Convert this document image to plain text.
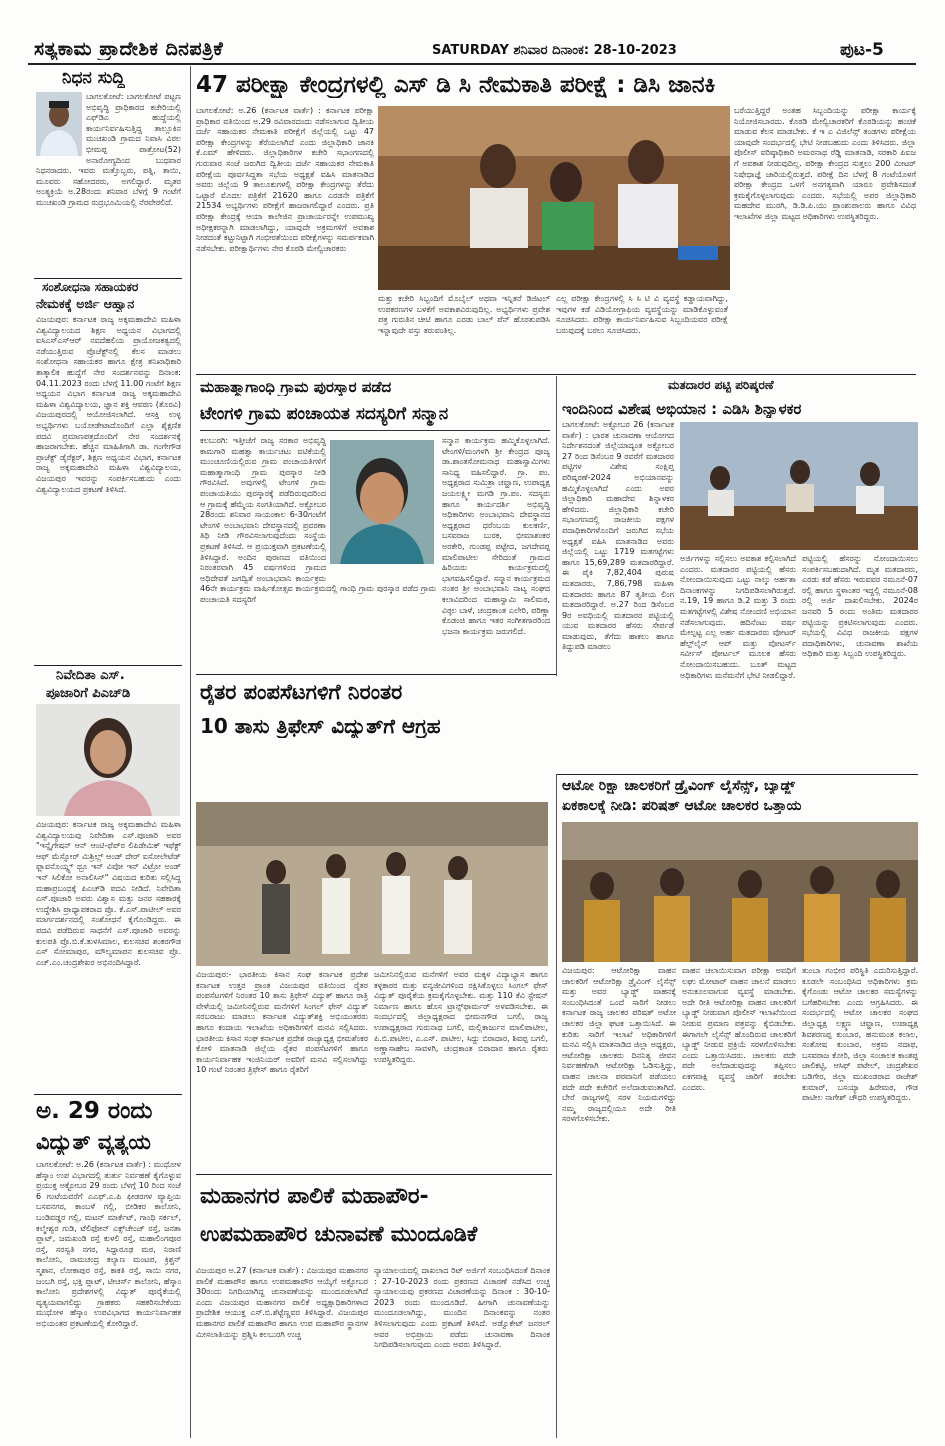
ಸತ್ಯಕಾಮ ಪ್ರಾದೇಶಿಕ ದಿನಪತ್ರಿಕೆ	SATURDAY ಶನಿವಾರ ದಿನಾಂಕ: 28-10-2023	ಪುಟ-5
ನಿಧನ ಸುದ್ದಿ
ಬಾಗಲಕೋಟೆ: ಬಾಗಲಕೋಟೆ ಪಟ್ಟಣ ಅಭಿವೃದ್ಧಿ ಪ್ರಾಧಿಕಾರದ ಕಚೇರಿಯಲ್ಲಿ ಎಫ್‌ಡಿಎ ಹುದ್ದೆಯಲ್ಲಿ ಕಾರ್ಯನಿರ್ವಹಿಸುತ್ತಿದ್ದ ತಾಲ್ಲೂಕಿನ ಮುಚಖಂಡಿ ಗ್ರಾಮದ ನಿವಾಸಿ ವಿಠಲ ಭೀಮಪ್ಪ ಪಾತ್ರೋಟ(52) ಅನಾರೋಗ್ಯದಿಂದ ಬುಧವಾರ ನಿಧನರಾದರು. ಇವರು ಮತ್ತೊಬ್ಬರು, ಪತ್ನಿ, ತಾಯಿ, ಮೂವರು ಸಹೋದರರು, ಅಗಲಿದ್ದಾರೆ. ಮೃತರ ಅಂತ್ಯಕ್ರಿಯೆ ಅ.28ರಂದು ಶನಿವಾರ ಬೆಳಗ್ಗೆ 9 ಗಂಟೆಗೆ ಮುಚಖಂಡಿ ಗ್ರಾಮದ ರುದ್ರಭೂಮಿಯಲ್ಲಿ ನೆರವೇರಲಿದೆ.
ಸಂಶೋಧನಾ ಸಹಾಯಕರ
ನೇಮಕಕ್ಕೆ ಅರ್ಜಿ ಆಹ್ವಾನ
ವಿಜಯಪುರ: ಕರ್ನಾಟಕ ರಾಜ್ಯ ಅಕ್ಕಮಹಾದೇವಿ ಮಹಿಳಾ ವಿಶ್ವವಿದ್ಯಾಲಯದ ಶಿಕ್ಷಣ ಅಧ್ಯಯನ ವಿಭಾಗದಲ್ಲಿ ಐಸಿಎಸ್‌ಎಸ್‌ಆರ್ ನವದೆಹಲಿಯ ಪ್ರಾಯೋಜಕತ್ವದಲ್ಲಿ ನಡೆಯುತ್ತಿರುವ ಪ್ರೊಜೆಕ್ಟ್‌ನಲ್ಲಿ ಕೆಲಸ ಮಾಡಲು ಸಂಶೋಧನಾ ಸಹಾಯಕರ ಹಾಗೂ ಕ್ಷೇತ್ರ ತನಿಖಾಧಿಕಾರಿ ತಾತ್ಕಾಲಿಕ ಹುದ್ದೆಗೆ ನೇರ ಸಂದರ್ಶನವನ್ನು ದಿನಾಂಕ: 04.11.2023 ರಂದು ಬೆಳಗ್ಗೆ 11.00 ಗಂಟೆಗೆ ಶಿಕ್ಷಣ ಅಧ್ಯಯನ ವಿಭಾಗ ಕರ್ನಾಟಕ ರಾಜ್ಯ ಅಕ್ಕಮಹಾದೇವಿ ಮಹಿಳಾ ವಿಶ್ವವಿದ್ಯಾಲಯ, ಜ್ಞಾನ ಶಕ್ತಿ ಆವರಣ (ತೊರವಿ) ವಿಜಯಪುರದಲ್ಲಿ ಆಯೋಜಿಸಲಾಗಿದೆ. ಆಸಕ್ತಿ ಉಳ್ಳ ಅಭ್ಯರ್ಥಿಗಳು ಬಯೋಡೇಟಾದೊಂದಿಗೆ ಎಲ್ಲಾ ಶೈಕ್ಷಣಿಕ ಪದವಿ ಪ್ರಮಾಣಪತ್ರದೊಂದಿಗೆ ನೇರ ಸಂದರ್ಶನಕ್ಕೆ ಹಾಜರಾಗಬೇಕು. ಹೆಚ್ಚಿನ ಮಾಹಿತಿಗಾಗಿ ಡಾ. ಗಂಗೇಗೌಡ ಪ್ರಾಜೆಕ್ಟ್ ಡೈರೆಕ್ಟರ್, ಶಿಕ್ಷಣ ಅಧ್ಯಯನ ವಿಭಾಗ, ಕರ್ನಾಟಕ ರಾಜ್ಯ ಅಕ್ಕಮಹಾದೇವಿ ಮಹಿಳಾ ವಿಶ್ವವಿದ್ಯಾಲಯ, ವಿಜಯಪುರ ಇವರನ್ನು ಸಂಪರ್ಕಿಸಬಹುದು ಎಂದು ವಿಶ್ವವಿದ್ಯಾಲಯದ ಪ್ರಕಟಣೆ ತಿಳಿಸಿದೆ.
ನಿವೇದಿತಾ ಎಸ್.
ಪೂಜಾರಿಗೆ ಪಿಎಚ್‌ಡಿ
ವಿಜಯಪುರ: ಕರ್ನಾಟಕ ರಾಜ್ಯ ಅಕ್ಕಮಹಾದೇವಿ ಮಹಿಳಾ ವಿಶ್ವವಿದ್ಯಾಲಯವು ನಿವೇದಿತಾ ಎಸ್.ಪೂಜಾರಿ ಅವರ "ಇನ್ಸೈಗೇಷನ್ ಆನ್ ಆಂಟಿ-ಫೆಪ್‌ರ ಲಿಪಿಡೇಮಿಕ್ ಇಫೆಕ್ಟ್ ಆಫ್ ಮೆಸ್ಸೋರ್ ಮಿಶ್ರಿಲ್ಲ್ ಆಂಡ್ ದೇರ್ ಐಸೋಲೇಟೆಡ್ ಫ್ಲಾವನೊಯ್ಡ್ಸ್ ಥ್ರೂ ಇನ್ ವಿವೋ ಇನ್ ವಿಟ್ರೋ ಅಂಡ್ ಇನ್ ಸಿಲಿಕೋ ಅನಾಲಿಸಿಸ್" ವಿಷಯದ ಕುರಿತು ಸಲ್ಲಿಸಿದ್ದ ಮಹಾಪ್ರಬಂಧಕ್ಕೆ ಪಿಎಚ್‌ಡಿ ಪದವಿ ನೀಡಿದೆ. ನಿವೇದಿತಾ ಎಸ್.ಪೂಜಾರಿ ಅವರು ವಿಶ್ವಾಸ ಮತ್ತು ಜನರ ಸಹಕಾರಕ್ಕೆ ಉದ್ದೇಶಿಸಿ ಪ್ರಾಧ್ಯಾಪಕರಾದ ಪ್ರೊ. ಕೆ.ಎಸ್.ಪಾಟೀಲ್ ಅವರ ಮಾರ್ಗದರ್ಶನದಲ್ಲಿ ಸಂಶೋಧನೆ ಕೈಗೊಂಡಿದ್ದರು. ಈ ಪದವಿ ಪಡೆದಿರುವ ಸಾಧನೆಗೆ ಎಸ್.ಪೂಜಾರಿ ಅವರನ್ನು ಕುಲಪತಿ ಪ್ರೊ.ಬಿ.ಕೆ.ತುಳಸಿಮಾಲ, ಕುಲಸಚಿವ ಶಂಕರಗೌಡ ಎಸ್ ಸೋಮಾಪುರ, ಮೌಲ್ಯಮಾಪನ ಕುಲಸಚಿವ ಪ್ರೊ. ಎಚ್.ಎಂ.ಚಂದ್ರಶೇಖರ ಅಭಿನಂದಿಸಿದ್ದಾರೆ.
ಅ. 29 ರಂದು
ವಿದ್ಯುತ್ ವ್ಯತ್ಯಯ
ಬಾಗಲಕೋಟೆ: ಅ.26 (ಕರ್ನಾಟಕ ವಾರ್ತೆ) : ಮುಧೋಳ ಹೆಸ್ಕಾಂ ಉಪ ವಿಭಾಗದಲ್ಲಿ ತುರ್ತು ನಿರ್ವಹಣೆ ಕೈಗೊಳ್ಳುವ ಪ್ರಯುಕ್ತ ಅಕ್ಟೋಬರ 29 ರಂದು ಬೆಳಗ್ಗೆ 10 ರಿಂದ ಸಂಜೆ 6 ಗಂಟೆಯವರೆಗೆ ಎಎಫ್.ಎ.ಪಿ ಫೀಡರಗಳ ವ್ಯಾಪ್ತಿಯ ಬಸವನಗರ, ಕಾಂಬಳೆ ಗಲ್ಲಿ, ಬೀಡಿಕರ ಕಾಲೋನಿ, ಬಂಡಿವಡ್ಡರ ಗಲ್ಲಿ, ಮಟನ್ ಮಾರ್ಕೆಟ್, ಗಾಂಧಿ ಸರ್ಕಲ್, ಕಲ್ಮೇಶ್ವರ ಗುಡಿ, ಟೆಲಿಫೋನ್ ಎಕ್ಸ್‌ಚೇಂಜ್ ರಸ್ತೆ, ಜನತಾ ಪ್ಲಾಟ್, ಜಮಖಂಡಿ ರಸ್ತೆ ಕುಳಲಿ ರಸ್ತೆ, ಮಹಾಲಿಂಗಪೂರ ರಸ್ತೆ, ಸರಸ್ವತಿ ನಗರ, ಸಿದ್ದಾರೂಢ ಮಠ, ನಿರಾಣಿ ಕಾಲೋನಿ, ರಾಮಚಂದ್ರ ಕಲ್ಯಾಣ ಮಂಟಪ, ಕ್ರಿಶ್ಚನ್ ಸ್ಮಶಾನ, ಲೋಕಾಪುರ ರಸ್ತೆ, ಕಾಕತಿ ರಸ್ತೆ, ಸಾಯಿ ನಗರ, ಜಂಬಗಿ ರಸ್ತೆ, ಭಕ್ತಿ ಪ್ಲಾಟ್, ಟೀಚರ್ಸ್ ಕಾಲೋನಿ, ಹೆಸ್ಕಾಂ ಕಾಲೋನಿ ಪ್ರದೇಶಗಳಲ್ಲಿ ವಿದ್ಯುತ್ ಪೂರೈಕೆಯಲ್ಲಿ ವ್ಯತ್ಯಯವಾಗಲಿದ್ದು ಗ್ರಾಹಕರು ಸಹಕರಿಸಬೇಕೆಂದು ಮುಧೋಳ ಹೆಸ್ಕಾಂ ಉಪವಿಭಾಗದ ಕಾರ್ಯನಿರ್ವಾಹಕ ಅಭಿಯಂತರ ಪ್ರಕಟಣೆಯಲ್ಲಿ ಕೋರಿದ್ದಾರೆ.
47 ಪರೀಕ್ಷಾ ಕೇಂದ್ರಗಳಲ್ಲಿ ಎಸ್ ಡಿ ಸಿ ನೇಮಕಾತಿ ಪರೀಕ್ಷೆ : ಡಿಸಿ ಜಾನಕಿ
ಬಾಗಲಕೋಟೆ: ಅ.26 (ಕರ್ನಾಟಕ ವಾರ್ತೆ) : ಕರ್ನಾಟಕ ಪರೀಕ್ಷಾ ಪ್ರಾಧಿಕಾರ ವತಿಯಿಂದ ಅ.29 ರವಿವಾರದಂದು ನಡೆಸಲಾಗುವ ದ್ವಿತೀಯ ದರ್ಜೆ ಸಹಾಯಕರ ನೇಮಕಾತಿ ಪರೀಕ್ಷೆಗೆ ಜಿಲ್ಲೆಯಲ್ಲಿ ಒಟ್ಟು 47 ಪರೀಕ್ಷಾ ಕೇಂದ್ರಗಳನ್ನು ತೆರೆಯಲಾಗಿದೆ ಎಂದು ಜಿಲ್ಲಾಧಿಕಾರಿ ಜಾನಕಿ ಕೆ.ಎಮ್ ಹೇಳಿದರು. ಜಿಲ್ಲಾಧಿಕಾರಿಗಳ ಕಚೇರಿ ಸಭಾಂಗಣದಲ್ಲಿ ಗುರುವಾರ ಸಂಜೆ ಜರುಗಿದ ದ್ವಿತೀಯ ದರ್ಜೆ ಸಹಾಯಕರ ನೇಮಕಾತಿ ಪರೀಕ್ಷೆಯ ಪೂರ್ವಸಿದ್ದತಾ ಸಭೆಯ ಅಧ್ಯಕ್ಷತೆ ವಹಿಸಿ ಮಾತನಾಡಿದ ಅವರು ಜಿಲ್ಲೆಯ 9 ತಾಲೂಕುಗಳಲ್ಲಿ ಪರೀಕ್ಷಾ ಕೇಂದ್ರಗಳನ್ನು ತೆರೆದು ಒಟ್ಟಾರೆ ಮೊದಲ ಪತ್ರಿಕೆಗೆ 21620 ಹಾಗೂ ಎರಡನೇ ಪತ್ರಿಕೆಗೆ 21534 ಅಭ್ಯರ್ಥಿಗಳು ಪರೀಕ್ಷೆಗೆ ಹಾಜರಾಗಲಿದ್ದಾರೆ ಎಂದರು. ಪ್ರತಿ ಪರೀಕ್ಷಾ ಕೇಂದ್ರಕ್ಕೆ ಆಯಾ ಕಾಲೇಜಿನ ಪ್ರಾಚಾರ್ಯರನ್ನೇ ಉಪಮುಖ್ಯ ಅಧೀಕ್ಷಕರನ್ನಾಗಿ ಮಾಡಲಾಗಿದ್ದು, ಯಾವುದೇ ಅಕ್ರಮಗಳಿಗೆ ಅವಕಾಶ ನೀಡದಂತೆ ಕಟ್ಟುನಿಟ್ಟಾಗಿ ಗಂಭೀರತೆಯಿಂದ ಪರೀಕ್ಷೆಗಳನ್ನು ಸಮರ್ಪಕವಾಗಿ ನಡೆಸಬೇಕು. ಪರೀಕ್ಷಾರ್ಥಿಗಳು ನೇರ ಕೊಠಡಿ ಮೇಲ್ವಿಚಾರಕರು
ಮತ್ತು ಕಚೇರಿ ಸಿಬ್ಬಂದಿಗೆ ಮೊಬೈಲ್ ಅಥವಾ ಇನ್ನಿತರೆ ಡಿಜಿಟಲ್ ಉಪಕರಣಗಳ ಬಳಕೆಗೆ ಅವಕಾಶವಿರುವುದಿಲ್ಲ. ಅಭ್ಯರ್ಥಿಗಳು ಪ್ರವೇಶ ಪತ್ರ ಗುರುತಿನ ಚೀಟಿ ಹಾಗೂ ಎರಡು ಬಾಲ್ ಪೆನ್ ಹೊರತುಪಡಿಸಿ ಇನ್ನಾವುದೇ ವಸ್ತು ತರುವಂತಿಲ್ಲ.
ಎಲ್ಲ ಪರೀಕ್ಷಾ ಕೇಂದ್ರಗಳಲ್ಲಿ ಸಿ ಸಿ ಟಿ ವಿ ವ್ಯವಸ್ಥೆ ಕಡ್ಡಾಯವಾಗಿದ್ದು, ಇವುಗಳ ಕಡೆ ವಿಡಿಯೋಗ್ರಾಫಿಯ ವ್ಯವಸ್ಥೆಯನ್ನು ಮಾಡಿಕೊಳ್ಳುವಂತೆ ಸೂಚಿಸಿದರು. ಪರೀಕ್ಷಾ ಕಾರ್ಯನಿರ್ವಹಿಸುವ ಸಿಬ್ಬಂದಿಯವರ ಪರೀಕ್ಷೆ ಬರುವುದಕ್ಕೆ ಬರಲು ಸೂಚಿಸಿದರು.
ಬರೆಯುತ್ತಿದ್ದರೆ ಅಂತಹ ಸಿಬ್ಬಂದಿಯನ್ನು ಪರೀಕ್ಷಾ ಕಾರ್ಯಕ್ಕೆ ನಿಯೋಜಿಸಬಾರದು. ಕೊಠಡಿ ಮೇಲ್ವಿಚಾರಕರಿಗೆ ಕೊಠಡಿಯನ್ನು ಹಂಚಿಕೆ ಮಾಡುವ ಕೆಲಸ ಮಾಡಬೇಕು. ಕೆ ಇ ಎ ವಿಜಿಲೆನ್ಸ್ ತಂಡಗಳು ಪರೀಕ್ಷೆಯ ಯಾವುದೇ ಸಂದರ್ಭದಲ್ಲಿ ಭೇಟಿ ನೀಡಬಹುದು ಎಂದು ತಿಳಿಸಿದರು. ಜಿಲ್ಲಾ ಪೊಲೀಸ್ ವರಿಷ್ಠಾಧಿಕಾರಿ ಅಮರನಾಥ ರೆಡ್ಡಿ ಮಾತನಾಡಿ, ಸರಕಾರಿ ಪಿಐಜ ಗೆ ಅವಕಾಶ ನೀಡುವುದಿಲ್ಲ. ಪರೀಕ್ಷಾ ಕೇಂದ್ರದ ಸುತ್ತಲು 200 ಮೀಟರ್ ನಿಷೇಧಾಜ್ಞೆ ಜಾರಿಯಲ್ಲಿರುತ್ತದೆ. ಪರೀಕ್ಷೆ ದಿನ ಬೆಳಗ್ಗೆ 8 ಗಂಟೆಯೊಳಗೆ ಪರೀಕ್ಷಾ ಕೇಂದ್ರದ ಒಳಗೆ ಅನಗತ್ಯವಾಗಿ ಯಾರೂ ಪ್ರವೇಶಿಸದಂತೆ ಕ್ರಮಕೈಗೊಳ್ಳಲಾಗುವುದು ಎಂದರು. ಸಭೆಯಲ್ಲಿ ಅಪರ ಜಿಲ್ಲಾಧಿಕಾರಿ ಮಹದೇವ ಮುರಗಿ, ಡಿ.ಡಿ.ಪಿ.ಯು ಪ್ರಾಂಶುಪಾಲರು ಹಾಗೂ ವಿವಿಧ ಇಲಾಖೆಗಳ ಜಿಲ್ಲಾ ಮಟ್ಟದ ಅಧಿಕಾರಿಗಳು ಉಪಸ್ಥಿತರಿದ್ದರು.
ಮಹಾತ್ಮಾಗಾಂಧಿ ಗ್ರಾಮ ಪುರಸ್ಕಾರ ಪಡೆದ
ಟೇಂಗಳಿ ಗ್ರಾಮ ಪಂಚಾಯತ ಸದಸ್ಯರಿಗೆ ಸನ್ಮಾನ
ಕಲಬುರಗಿ: ಇತ್ತೀಚೆಗೆ ರಾಜ್ಯ ಸರಕಾರ ಅಭಿವೃದ್ಧಿ ಕಾಮಗಾರಿ ಮಹತ್ವಾ ಕಾರ್ಯಚಟು ವಟಿಕೆಯಲ್ಲಿ ಮುಂಚೂಣಿಯಲ್ಲಿರುವ ಗ್ರಾಮ ಪಂಚಾಯತಿಗಳಿಗೆ ಮಹಾತ್ಮಾಗಾಂಧಿ ಗ್ರಾಮ ಪುರಸ್ಕಾರ ನೀಡಿ ಗೌರವಿಸಿದೆ. ಅವುಗಳಲ್ಲಿ ಟೇಂಗಳಿ ಗ್ರಾಮ ಪಂಚಾಯತಿಯು ಪುರಸ್ಕಾರಕ್ಕೆ ಪಡೆದಿರುವುದರಿಂದ ಆ ಗ್ರಾಮಕ್ಕೆ ಹೆಮ್ಮೆಯ ಸಂಗತಿಯಾಗಿದೆ. ಅಕ್ಟೋಬರ 28ರಂದು ಶನಿವಾರ ಸಾಯಂಕಾಲ 6-30ಗಂಟೆಗೆ ಟೇಂಗಳಿ ಅಂಬಾಭವಾನಿ ದೇವಸ್ಥಾನದಲ್ಲಿ ಪ್ರವರಣಾ ತಿಥಿ ನೀಡಿ ಗೌರವಿಸಲಾಗುವುದೆಂದು ಸಂಸ್ಥೆಯ ಪ್ರಕಟಣೆ ತಿಳಿಸಿದೆ. ಆ ಪ್ರಯುಕ್ತವಾಗಿ ಪ್ರಕಟಣೆಯಲ್ಲಿ ತಿಳಿಸಿದ್ದಾರೆ. ಅಂದಿನ ಪುರಾಣದ ವತಿಯಿಂದ ನಿರಂತರವಾಗಿ 45 ವರ್ಷಗಳಿಂದ ಗ್ರಾಮದ ಅಧಿದೇವತೆ ಜಗದ್ವಿತೆ ಅಂಬಾಭವಾನಿ ಕಾರ್ಯಕ್ರಮ 46ನೇ ಕಾರ್ಯಕ್ರಮ ವಾರ್ಷಿಕೋತ್ಸವ ಕಾರ್ಯಕ್ರಮದಲ್ಲಿ ಗಾಂಧಿ ಗ್ರಾಮ ಪುರಸ್ಕಾರ ಪಡೆದ ಗ್ರಾಮ ಪಂಚಾಯತಿ ಸದಸ್ಯರಿಗೆ
ಸನ್ಮಾನ ಕಾರ್ಯಕ್ರಮ ಹಮ್ಮಿಕೊಳ್ಳಲಾಗಿದೆ. ಟೇಂಗಳಿ/ಮಂಗಳಗಿ ಶ್ರೀ ಕೇಂದ್ರದ ಪೂಜ್ಯ ಡಾ.ಶಾಂತಸೋಮನಾಥ ಮಹಾಸ್ವಾಮಿಗಳು ಸಾನಿಧ್ಯ ವಹಿಸಲಿದ್ದಾರೆ. ಗ್ರಾ. ಪಂ. ಅಧ್ಯಕ್ಷರಾದ ಸುಮಿತ್ರಾ ಚವ್ಹಾಣ, ಉಪಾಧ್ಯಕ್ಷ ಜಯಲಕ್ಷ್ಮೀ ಮಗಡಿ ಗ್ರಾ.ಪಂ. ಸದಸ್ಯರು ಹಾಗೂ ಕಾರ್ಯದರ್ಶಿ ಅಭಿವೃದ್ಧಿ ಅಧಿಕಾರಿಗಳು ಅಂಬಾಭವಾನಿ ದೇವಸ್ಥಾನದ ಅಧ್ಯಕ್ಷರಾದ ಧರೆಂಬಯ ಕುಲಕರ್ಣಿ, ಬಸವರಾಜ ಬುರಕ, ಭೀಮಾಶಂಕರ ಅರಕೇರಿ, ಗುಂಡಪ್ಪ ಪಟ್ಟೇದ, ಜಗದೇವಪ್ಪ ಮಾಲಿಪಾಟೀಲ ಸೇರಿದಂತೆ ಗ್ರಾಮದ ಹಿರಿಯರು ಕಾರ್ಯಕ್ರಮದಲ್ಲಿ ಭಾಗವಹಿಸಲಿದ್ದಾರೆ. ಸನ್ಮಾನ ಕಾರ್ಯಕ್ರಮದ ನಂತರ ಶ್ರೀ ಅಂಬಾಭವಾನಿ ನಾಟ್ಯ ಸಂಘದ ಕಲಾವಿದರಿಂದ ಮಹಾಸ್ವಾಮಿ ಸಾಲಿಮಠ, ವಿಠ್ಠಲ ಬಾಳೆ, ಚಂದ್ರಕಾಂತ ಎಲೇರಿ, ಪರಿಣ್ಣಾ ಕೊಡಂಚಿ ಹಾಗೂ ಇತರ ಸಂಗೀತಗಾರರಿಂದ ಭಜನಾ ಕಾರ್ಯಕ್ರಮ ಜರುಗಲಿದೆ.
ಮತದಾರರ ಪಟ್ಟಿ ಪರಿಷ್ಕರಣೆ
ಇಂದಿನಿಂದ ವಿಶೇಷ ಅಭಿಯಾನ : ಎಡಿಸಿ ಶಿನ್ನಾಳಕರ
ಬಾಗಲಕೋಟೆ: ಅಕ್ಟೋಬರ 26 (ಕರ್ನಾಟಕ ವಾರ್ತೆ) : ಭಾರತ ಚುನಾವಣಾ ಆಯೋಗದ ನಿರ್ದೇಶನದಂತೆ ಜಿಲ್ಲೆಯಾದ್ಯಂತ ಅಕ್ಟೋಬರ 27 ರಿಂದ ಡಿಸೆಂಬರ 9 ರವರೆಗೆ ಮತದಾರರ ಪಟ್ಟಿಗಳ ವಿಶೇಷ ಸಂಕ್ಷಿಪ್ತ ಪರಿಷ್ಕರಣೆ-2024 ಅಭಿಯಾನವನ್ನು ಹಮ್ಮಿಕೊಳ್ಳಲಾಗಿದೆ ಎಂದು ಅಪರ ಜಿಲ್ಲಾಧಿಕಾರಿ ಮಹಾದೇವ ಶಿನ್ನಾಳಕರ ಹೇಳಿದರು. ಜಿಲ್ಲಾಧಿಕಾರಿ ಕಚೇರಿ ಸಭಾಂಗಣದಲ್ಲಿ ರಾಜಕೀಯ ಪಕ್ಷಗಳ ಪದಾಧಿಕಾರಿಗಳೊಂದಿಗೆ ಜರುಗಿದ ಸಭೆಯ ಅಧ್ಯಕ್ಷತೆ ವಹಿಸಿ ಮಾತನಾಡಿದ ಅವರು ಜಿಲ್ಲೆಯಲ್ಲಿ ಒಟ್ಟು 1719 ಮತಗಟ್ಟೆಗಳು ಹಾಗೂ 15,69,289 ಮತದಾರರಿದ್ದಾರೆ. ಈ ಪೈಕಿ 7,82,404 ಪುರುಷ ಮತದಾರರು, 7,86,798 ಮಹಿಳಾ ಮತದಾರರು ಹಾಗೂ 87 ತೃತೀಯ ಲಿಂಗ ಮತದಾರರಿದ್ದಾರೆ. ಅ.27 ರಿಂದ ಡಿಸೆಂಬರ 9ರ ಅವಧಿಯಲ್ಲಿ ಮತದಾರರ ಪಟ್ಟಿಯಲ್ಲಿ ಯುವ ಮತದಾರರ ಹೆಸರು ಸೇರ್ಪಡೆ ಮಾಡುವುದು, ತೆಗೆದು ಹಾಕಲು ಹಾಗೂ ತಿದ್ದುಪಡಿ ಮಾಡಲು
ಅರ್ಜಿಗಳನ್ನು ಸಲ್ಲಿಸಲು ಅವಕಾಶ ಕಲ್ಪಿಸಲಾಗಿದೆ ಎಂದರು. ಮತದಾರರ ಪಟ್ಟಿಯಲ್ಲಿ ಹೆಸರು ನೋಂದಾಯಿಸುವುದು ಒಟ್ಟು ನಾಲ್ಕು ಅರ್ಹತಾ ದಿನಾಂಕಗಳನ್ನು ನಿಗದಿಪಡಿಸಲಾಗಿರುತ್ತದೆ. ನ.19, 19 ಹಾಗೂ ಡಿ.2 ಮತ್ತು 3 ರಂದು ಮತಗಟ್ಟೆಗಳಲ್ಲಿ ವಿಶೇಷ ನೋಂದಣಿ ಅಭಿಯಾನ ನಡೆಸಲಾಗುವುದು. ಹದಿನೆಂಟು ವರ್ಷ ಮೇಲ್ಪಟ್ಟ ಎಲ್ಲ ಅರ್ಹ ಮತದಾರರು ವೋಟರ್ ಹೆಲ್ಪ್‌ಲೈನ್ ಆಪ್ ಮತ್ತು ವೋಟರ್ಸ್ ಸರ್ವೀಸ್ ಪೋರ್ಟಲ್ ಮೂಲಕ ಹೆಸರು ನೋಂದಾಯಿಸಬಹುದು. ಬೂತ್ ಮಟ್ಟದ ಅಧಿಕಾರಿಗಳು ಮನೆಮನೆಗೆ ಭೇಟಿ ನೀಡಲಿದ್ದಾರೆ.
ಪಟ್ಟಿಯಲ್ಲಿ ಹೆಸರನ್ನು ನೋಂದಾಯಿಸಲು ಸಂಪರ್ಕಿಸಬಹುದಾಗಿದೆ. ಮೃತ ಮತದಾರರು, ಎರಡು ಕಡೆ ಹೆಸರು ಇರುವವರ ನಮೂನೆ-07 ರಲ್ಲಿ ಹಾಗೂ ಸ್ಥಳಾಂತರ ಇದ್ದಲ್ಲಿ ನಮೂನೆ-08 ರಲ್ಲಿ ಅರ್ಜಿ ದಾಖಲಿಸಬೇಕು. 2024ರ ಜನವರಿ 5 ರಂದು ಅಂತಿಮ ಮತದಾರರ ಪಟ್ಟಿಯನ್ನು ಪ್ರಕಟಿಸಲಾಗುವುದು ಎಂದರು. ಸಭೆಯಲ್ಲಿ ವಿವಿಧ ರಾಜಕೀಯ ಪಕ್ಷಗಳ ಪದಾಧಿಕಾರಿಗಳು, ಚುನಾವಣಾ ಶಾಖೆಯ ಅಧಿಕಾರಿ ಮತ್ತು ಸಿಬ್ಬಂದಿ ಉಪಸ್ಥಿತರಿದ್ದರು.
ರೈತರ ಪಂಪಸೆಟಗಳಿಗೆ ನಿರಂತರ
10 ತಾಸು ತ್ರಿಫೇಸ್ ವಿದ್ಯುತ್‌ಗೆ ಆಗ್ರಹ
ವಿಜಯಪುರ:- ಭಾರತೀಯ ಕಿಸಾನ ಸಂಘ ಕರ್ನಾಟಕ ಪ್ರದೇಶ ಕರ್ನಾಟಕ ಉತ್ತರ ಪ್ರಾಂತ ವಿಜಯಪುರ ವತಿಯಿಂದ ರೈತರ ಪಂಪಸೆಟಗಳಿಗೆ ನಿರಂತರ 10 ತಾಸು ತ್ರಿಫೇಸ್ ವಿದ್ಯುತ್ ಹಾಗೂ ರಾತ್ರಿ ವೇಳೆಯಲ್ಲಿ ಜಮೀನಿನಲ್ಲಿರುವ ಮನೆಗಳಿಗೆ ಸಿಂಗಲ್ ಫೇಸ್ ವಿದ್ಯುತ್ ಸರಬರಾಜು ಮಾಡಲು ಕರ್ನಾಟಕ ವಿದ್ಯುತ್‌ಶಕ್ತಿ ಅಭಿಯಂತರರು ಹಾಗೂ ಕಂದಾಯ ಇಲಾಖೆಯ ಅಧಿಕಾರಿಗಳಿಗೆ ಮನವಿ ಸಲ್ಲಿಸಿದರು. ಭಾರತೀಯ ಕಿಸಾನ ಸಂಘ ಕರ್ನಾಟಕ ಪ್ರದೇಶ ರಾಜ್ಯಾಧ್ಯಕ್ಷ ಭೀಮಶೆಂಕರ ಕೋಳಿ ಮಾತನಾಡಿ ಜಿಲ್ಲೆಯ ರೈತರ ಪಂಪಸೆಟಗಳಿಗೆ ಹಾಗೂ ಕಾರ್ಯನಿರ್ವಾಹಕ ಇಂಜಿನಿಯರ್ ಅವರಿಗೆ ಮನವಿ ಸಲ್ಲಿಸಲಾಗಿದ್ದು 10 ಗಂಟೆ ನಿರಂತರ ತ್ರಿಫೇಸ್ ಹಾಗೂ ರೈತರಿಗೆ
ಜಮೀನಿನಲ್ಲಿರುವ ಮನೆಗಳಿಗೆ ಅವರ ಮಕ್ಕಳ ವಿದ್ಯಾಭ್ಯಾಸ ಹಾಗೂ ಕಳ್ಳಕಾರರ ಮತ್ತು ವನ್ಯಜೀವಿಗಳಿಂದ ರಕ್ಷಿಸಿಕೊಳ್ಳಲು ಸಿಂಗಲ್ ಫೇಸ್ ವಿದ್ಯುತ್ ಪೂರೈಕೆಯ ಕ್ರಮಕೈಗೊಳ್ಳಬೇಕು. ಮತ್ತು 110 ಕೆವಿ ಸ್ಟೇಷನ್ ನಿರ್ಮಾಣ ಹಾಗೂ ಹೊಸ ಟ್ರಾನ್ಸ್‌ಫಾರ್ಮರ್ ಅಳವಡಿಸಬೇಕು. ಈ ಸಂದರ್ಭದಲ್ಲಿ ಜಿಲ್ಲಾಧ್ಯಕ್ಷರಾದ ಭೀಮನಗೌಡ ಬಗಲಿ, ರಾಜ್ಯ ಉಪಾಧ್ಯಕ್ಷರಾದ ಗುರುನಾಥ ಬಗಲಿ, ಮಲ್ಲಿಕಾರ್ಜುನ ಮಾಲಿಪಾಟೀಲ, ಪಿ.ಬಿ.ಪಾಟೀಲ, ಎ.ಎಸ್. ಪಾಟೀಲ, ಸಿದ್ದು ಬಿರಾದಾರ, ಶಿವಪ್ಪ ಬಗಲಿ, ಅಣ್ಣಾಸಾಹೇಬ ಸಾವಳಗಿ, ಚಂದ್ರಕಾಂತ ಬಿರಾದಾರ ಹಾಗೂ ರೈತರು ಉಪಸ್ಥಿತರಿದ್ದರು.
ಆಟೋ ರಿಕ್ಷಾ ಚಾಲಕರಿಗೆ ಡ್ರೈವಿಂಗ್ ಲೈಸೆನ್ಸ್, ಬ್ಯಾಡ್ಜ್
ಏಕಕಾಲಕ್ಕೆ ನೀಡಿ: ಪರಿಷತ್ ಆಟೋ ಚಾಲಕರ ಒತ್ತಾಯ
ವಿಜಯಪುರ: ಆಟೋರಿಕ್ಷಾ ವಾಹನ ಚಾಲಕರಿಗೆ ಆಟೋರಿಕ್ಷಾ ಡ್ರೈವಿಂಗ್ ಲೈಸೆನ್ಸ್ ಮತ್ತು ಅವರ ಬ್ಯಾಡ್ಜ್ ವಾಹನಕ್ಕೆ ಸಂಬಂಧಿಸಿದಂತೆ ಒಂದೆ ಸಾರಿಗೆ ನೀಡಲು ಕರ್ನಾಟಕ ರಾಜ್ಯ ಚಾಲಕರ ಪರಿಷತ್ ಅಟೋ ಚಾಲಕರ ಜಿಲ್ಲಾ ಘಟಕ ಒತ್ತಾಯಿಸಿದೆ. ಈ ಕುರಿತು ಸಾರಿಗೆ ಇಲಾಖೆ ಅಧಿಕಾರಿಗಳಿಗೆ ಮನವಿ ಸಲ್ಲಿಸಿ ಮಾತನಾಡಿದ ಜಿಲ್ಲಾ ಅಧ್ಯಕ್ಷರು, ಆಟೋರಿಕ್ಷಾ ಚಾಲಕರು ದಿನನಿತ್ಯ ಜೀವನ ನಿರ್ವಹಣೆಗಾಗಿ ಆಟೋರಿಕ್ಷಾ ಓಡಿಸುತ್ತಿದ್ದು, ವಾಹನ ಚಾಲನಾ ಪರವಾನಿಗೆ ಪಡೆಯಲು ಪದೇ ಪದೇ ಕಚೇರಿಗೆ ಅಲೆದಾಡುವಂತಾಗಿದೆ. ಬೇರೆ ರಾಜ್ಯಗಳಲ್ಲಿ ಸರಳ ನಿಯಮಗಳಿದ್ದು ನಮ್ಮ ರಾಜ್ಯದಲ್ಲಿಯೂ ಅದೇ ರೀತಿ ಸರಳಗೊಳಿಸಬೇಕು.
ವಾಹನ ಚಲಾಯಿಸುವಾಗ ಪರೀಕ್ಷಾ ಅವಧಿಗೆ ಲಘು ಮೋಟಾರ್ ವಾಹನ ಚಾಲನೆ ಮಾಡಲು ಅನುಕೂಲವಾಗುವ ವ್ಯವಸ್ಥೆ ಮಾಡಬೇಕು. ಅದೇ ರೀತಿ ಆಟೋರಿಕ್ಷಾ ವಾಹನ ಚಾಲಕರಿಗೆ ಬ್ಯಾಡ್ಜ್ ನೀಡುವಾಗ ಪೊಲೀಸ್ ಇಲಾಖೆಯಿಂದ ನೀಡುವ ಪ್ರಮಾಣ ಪತ್ರವನ್ನು ಕೈಬಿಡಬೇಕು. ಈಗಾಗಲೇ ಲೈಸೆನ್ಸ್ ಹೊಂದಿರುವ ಚಾಲಕರಿಗೆ ಬ್ಯಾಡ್ಜ್ ನೀಡುವ ಪ್ರಕ್ರಿಯೆ ಸರಳಗೊಳಿಸಬೇಕು ಎಂದು ಒತ್ತಾಯಿಸಿದರು. ಚಾಲಕರು ಪದೇ ಪದೇ ಅಲೆದಾಡುವುದನ್ನು ತಪ್ಪಿಸಲು ಏಕಗವಾಕ್ಷಿ ವ್ಯವಸ್ಥೆ ಜಾರಿಗೆ ತರಬೇಕು ಎಂದರು.
ತುಂಬಾ ಗಂಭೀರ ಪರಿಸ್ಥಿತಿ ಎದುರಿಸುತ್ತಿದ್ದಾರೆ. ಕೂಡಲೇ ಸಂಬಂಧಿಸಿದ ಅಧಿಕಾರಿಗಳು ಕ್ರಮ ಕೈಗೊಂಡು ಆಟೋ ಚಾಲಕರ ಸಮಸ್ಯೆಗಳನ್ನು ಬಗೆಹರಿಸಬೇಕು ಎಂದು ಆಗ್ರಹಿಸಿದರು. ಈ ಸಂದರ್ಭದಲ್ಲಿ ಆಟೋ ಚಾಲಕರ ಸಂಘದ ಜಿಲ್ಲಾಧ್ಯಕ್ಷ ಲಕ್ಷ್ಮಣ ಚವ್ಹಾಣ, ಉಪಾಧ್ಯಕ್ಷ ಶಿವಶರಣಪ್ಪ ಕುಂಬಾರ, ಹನುಮಂತ ಕಲಾಲ, ಸಂತೋಷ ಕುಂಬಾರ, ಅಕ್ರಮ ನದಾಫ, ಬಸವರಾಜ ಕೋರಿ, ಜಿಲ್ಲಾ ಸಂಚಾಲಕ ಕಾಂತಪ್ಪ ಜಾಲಿಕಟ್ಟಿ, ಆಸಿಫ್ ಪಟೇಲ್, ಚಂದ್ರಶೇಖರ ಬಡಿಗೇರ, ಜಿಲ್ಲಾ ಮುಖಂಡರಾದ ರಾಜೇಶ್ ಕುಮಾರ್, ಬಸಯ್ಯಾ ಹಿರೇಮಠ, ಗೌಡ ಪಾಟೀಲ ನಾಗೇಶ್ ಚೌಧರಿ ಉಪಸ್ಥಿತರಿದ್ದರು.
ಮಹಾನಗರ ಪಾಲಿಕೆ ಮಹಾಪೌರ-
ಉಪಮಹಾಪೌರ ಚುನಾವಣೆ ಮುಂದೂಡಿಕೆ
ವಿಜಯಪುರ ಅ.27 (ಕರ್ನಾಟಕ ವಾರ್ತೆ) : ವಿಜಯಪುರ ಮಹಾನಗರ ಪಾಲಿಕೆ ಮಹಾಪೌರ ಹಾಗೂ ಉಪಮಹಾಪೌರ ಆಯ್ಕೆಗೆ ಅಕ್ಟೋಬರ 30ರಂದು ನಿಗದಿಯಾಗಿದ್ದ ಚುನಾವಣೆಯನ್ನು ಮುಂದೂಡಲಾಗಿದೆ ಎಂದು ವಿಜಯಪುರ ಮಹಾನಗರ ಪಾಲಿಕೆ ಅಧ್ಯಕ್ಷಾಧಿಕಾರಿಗಳಾದ ಪ್ರಾದೇಶಿಕ ಆಯುಕ್ತ ಎಸ್.ಬಿ.ಶೆಟ್ಟೆಣ್ಣವರ ತಿಳಿಸಿದ್ದಾರೆ. ವಿಜಯಪುರ ಮಹಾನಗರ ಪಾಲಿಕೆ ಮಹಾಪೌರ ಹಾಗೂ ಉಪ ಮಹಾಪೌರ ಸ್ಥಾನಗಳ ಮೀಸಲಾತಿಯನ್ನು ಪ್ರಶ್ನಿಸಿ ಕಲಬುರಗಿ ಉಚ್ಚ
ನ್ಯಾಯಾಲಯದಲ್ಲಿ ದಾಖಲಾದ ರಿಟ್ ಅರ್ಜಿಗೆ ಸಂಬಂಧಿಸಿದಂತೆ ದಿನಾಂಕ : 27-10-2023 ರಂದು ಪ್ರಕರಣದ ವಿಚಾರಣೆ ನಡೆಸಿದ ಉಚ್ಚ ನ್ಯಾಯಾಲಯವು ಪ್ರಕರಣದ ವಿಚಾರಣೆಯನ್ನು ದಿನಾಂಕ : 30-10-2023 ರಂದು ಮುಂದೂಡಿದೆ. ಹೀಗಾಗಿ ಚುನಾವಣೆಯನ್ನು ಮುಂದೂಡಲಾಗಿದ್ದು, ಮುಂದಿನ ದಿನಾಂಕವನ್ನು ನಂತರ ತಿಳಿಸಲಾಗುವುದು ಎಂದು ಪ್ರಕಟಣೆ ತಿಳಿಸಿದೆ. ಅಡ್ವೊಕೇಟ್ ಜನರಲ್ ಅವರ ಅಭಿಪ್ರಾಯ ಪಡೆದು ಚುನಾವಣಾ ದಿನಾಂಕ ನಿಗದಿಪಡಿಸಲಾಗುವುದು ಎಂದು ಅವರು ತಿಳಿಸಿದ್ದಾರೆ.
